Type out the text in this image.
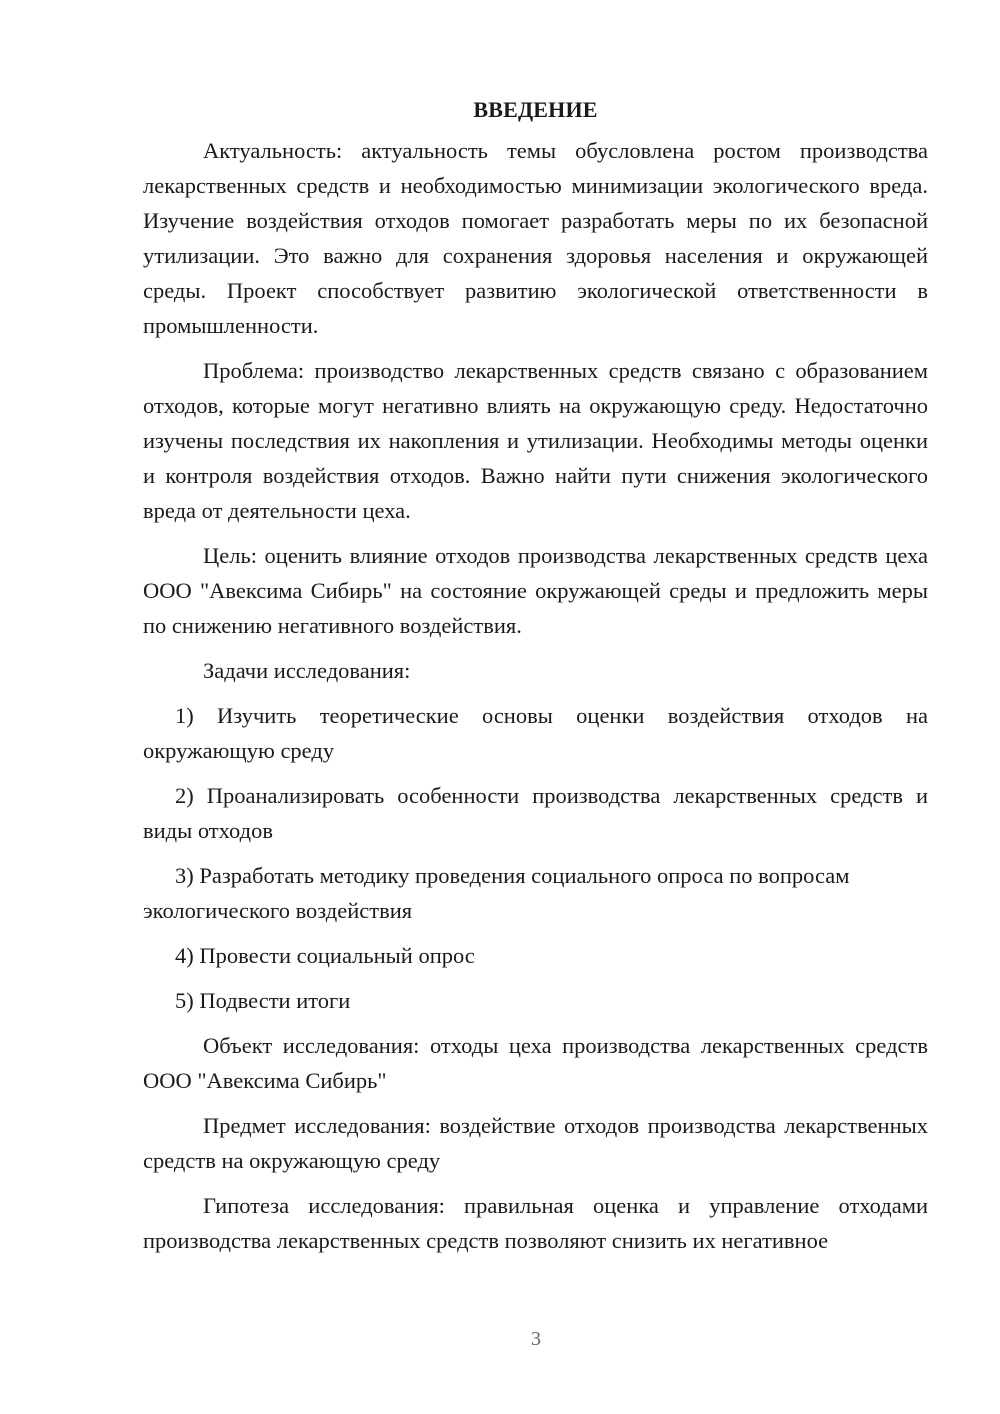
ВВЕДЕНИЕ

Актуальность: актуальность темы обусловлена ростом производства лекарственных средств и необходимостью минимизации экологического вреда. Изучение воздействия отходов помогает разработать меры по их безопасной утилизации. Это важно для сохранения здоровья населения и окружающей среды. Проект способствует развитию экологической ответственности в промышленности.

Проблема: производство лекарственных средств связано с образованием отходов, которые могут негативно влиять на окружающую среду. Недостаточно изучены последствия их накопления и утилизации. Необходимы методы оценки и контроля воздействия отходов. Важно найти пути снижения экологического вреда от деятельности цеха.

Цель: оценить влияние отходов производства лекарственных средств цеха ООО "Авексима Сибирь" на состояние окружающей среды и предложить меры по снижению негативного воздействия.

Задачи исследования:

1) Изучить теоретические основы оценки воздействия отходов на окружающую среду

2) Проанализировать особенности производства лекарственных средств и виды отходов

3) Разработать методику проведения социального опроса по вопросам экологического воздействия

4) Провести социальный опрос

5) Подвести итоги

Объект исследования: отходы цеха производства лекарственных средств ООО "Авексима Сибирь"

Предмет исследования: воздействие отходов производства лекарственных средств на окружающую среду

Гипотеза исследования: правильная оценка и управление отходами производства лекарственных средств позволяют снизить их негативное

3
